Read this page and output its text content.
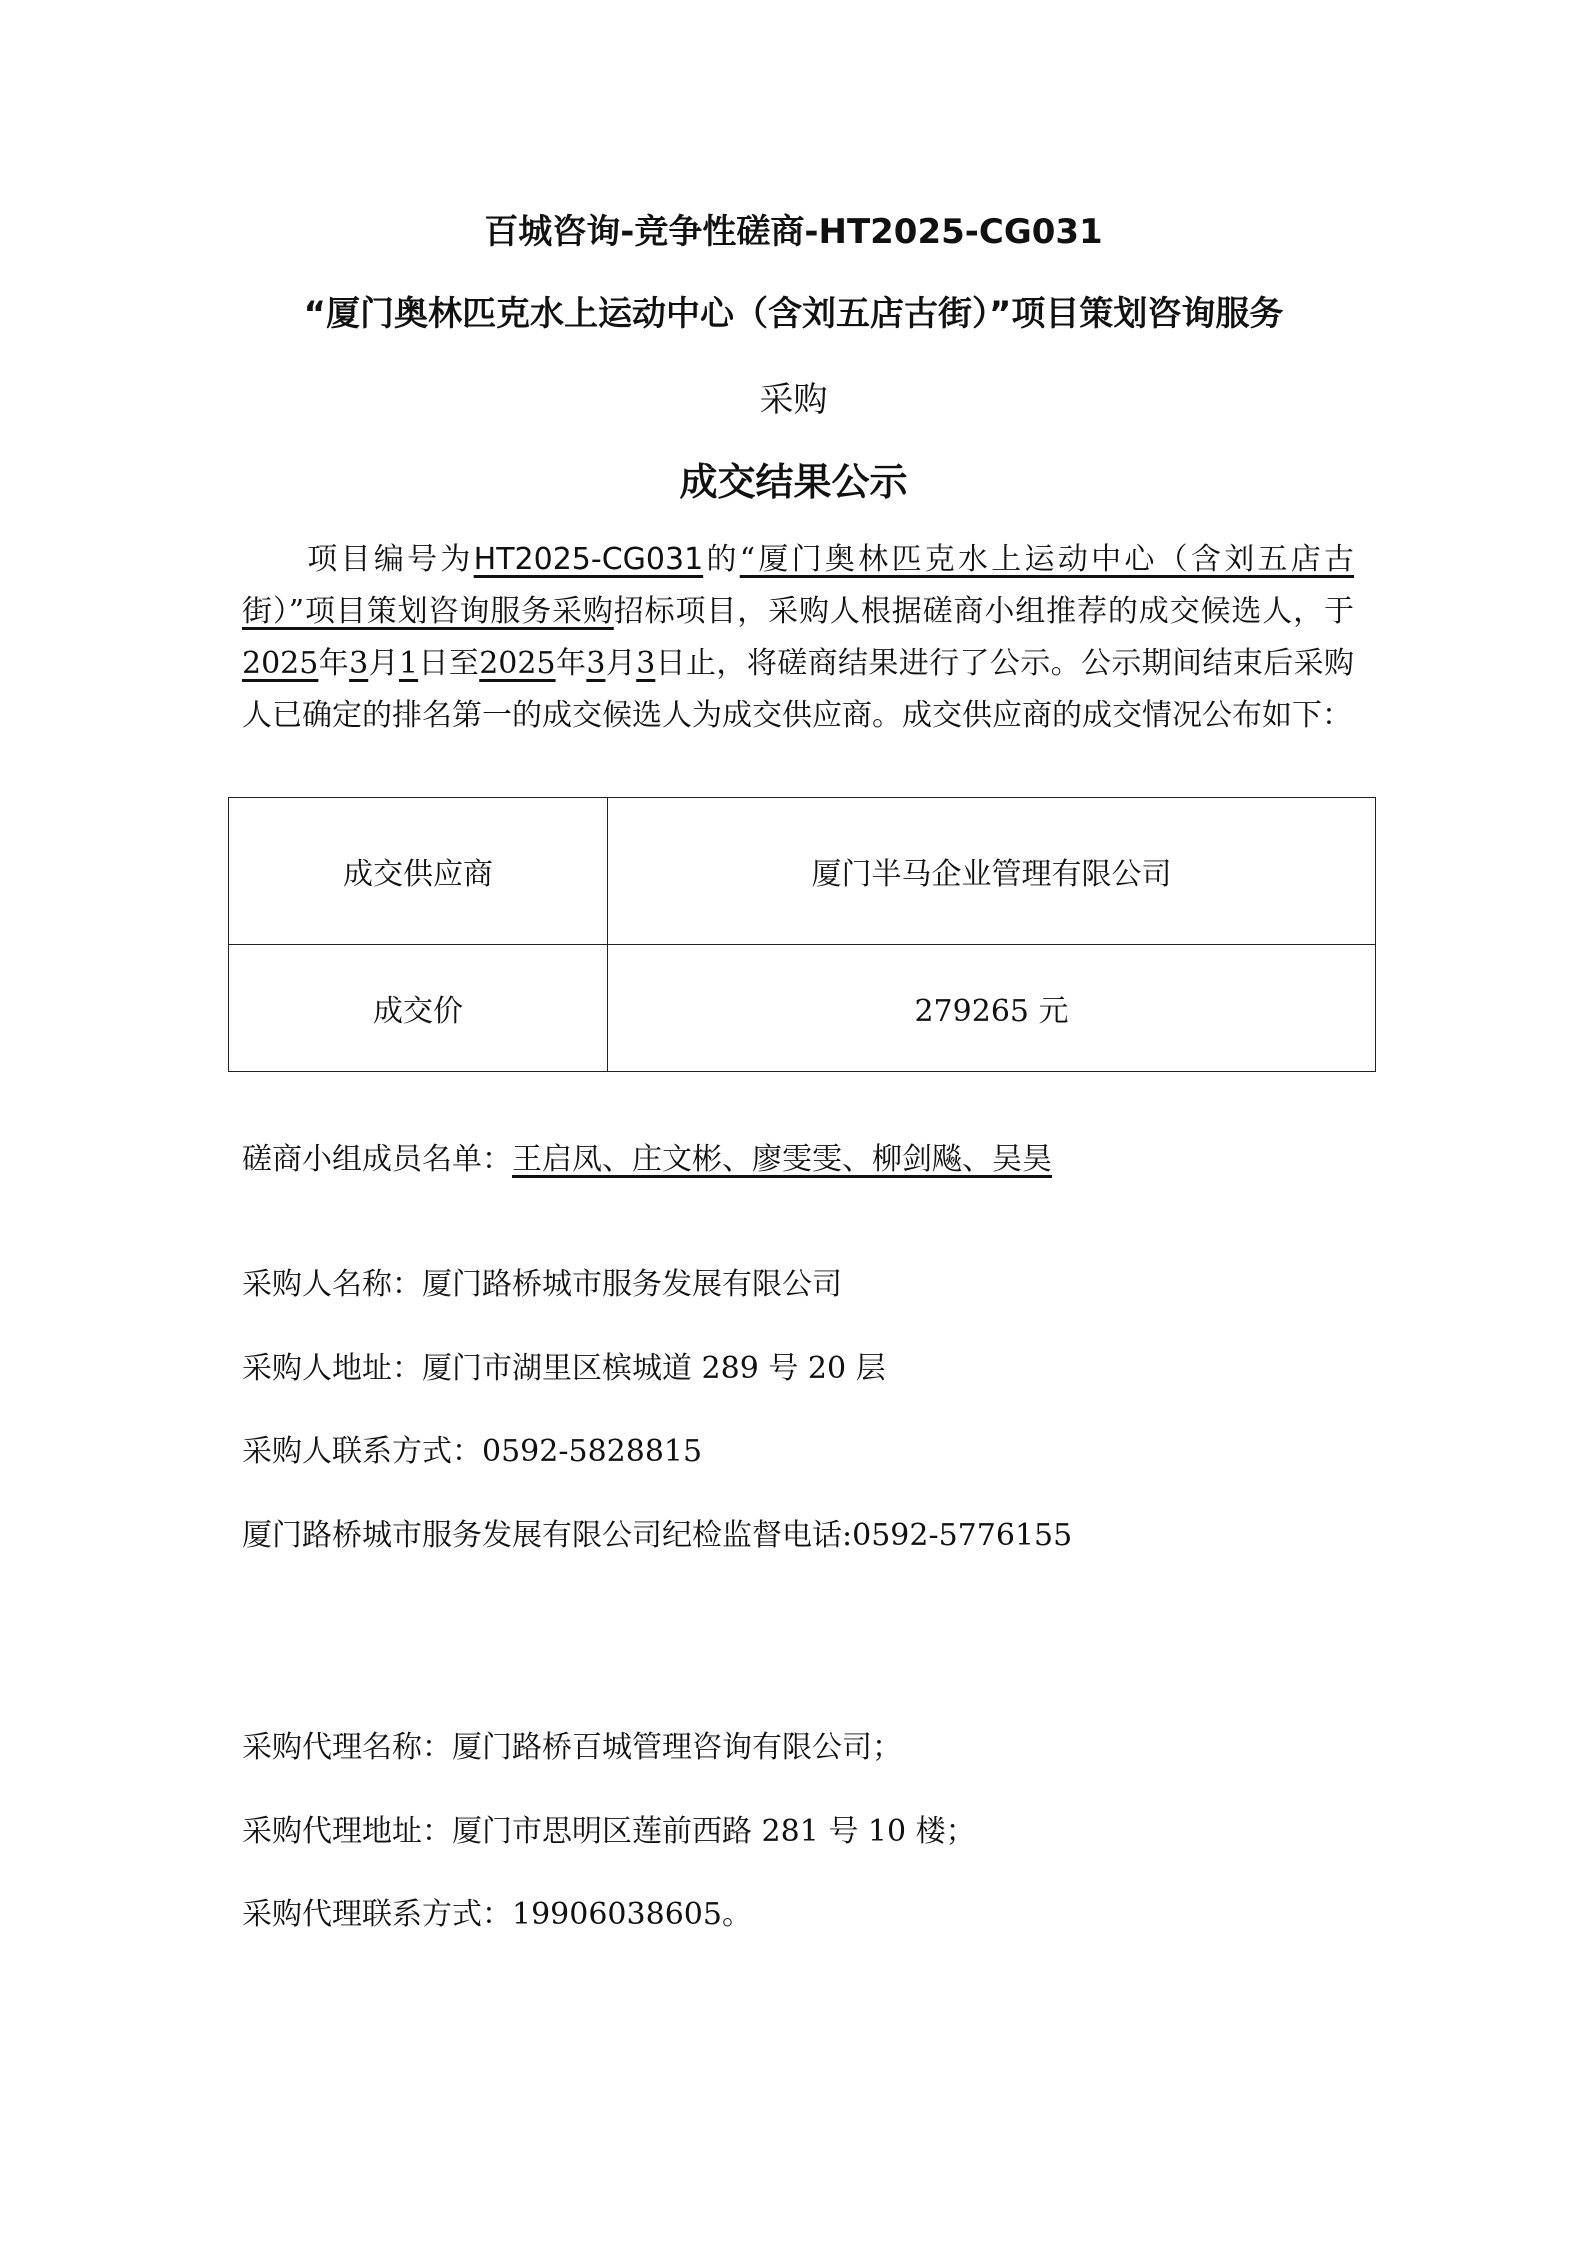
百城咨询-竞争性磋商-HT2025-CG031
“厦门奥林匹克水上运动中心（含刘五店古街）”项目策划咨询服务
采购
成交结果公示
项目编号为HT2025-CG031的“厦门奥林匹克水上运动中心（含刘五店古街）”项目策划咨询服务采购招标项目，采购人根据磋商小组推荐的成交候选人，于2025年3月1日至2025年3月3日止，将磋商结果进行了公示。公示期间结束后采购人已确定的排名第一的成交候选人为成交供应商。成交供应商的成交情况公布如下：
成交供应商	厦门半马企业管理有限公司
成交价	279265 元
磋商小组成员名单：王启凤、庄文彬、廖雯雯、柳剑飚、吴昊
采购人名称：厦门路桥城市服务发展有限公司
采购人地址：厦门市湖里区槟城道 289 号 20 层
采购人联系方式：0592-5828815
厦门路桥城市服务发展有限公司纪检监督电话:0592-5776155
采购代理名称：厦门路桥百城管理咨询有限公司；
采购代理地址：厦门市思明区莲前西路 281 号 10 楼；
采购代理联系方式：19906038605。
